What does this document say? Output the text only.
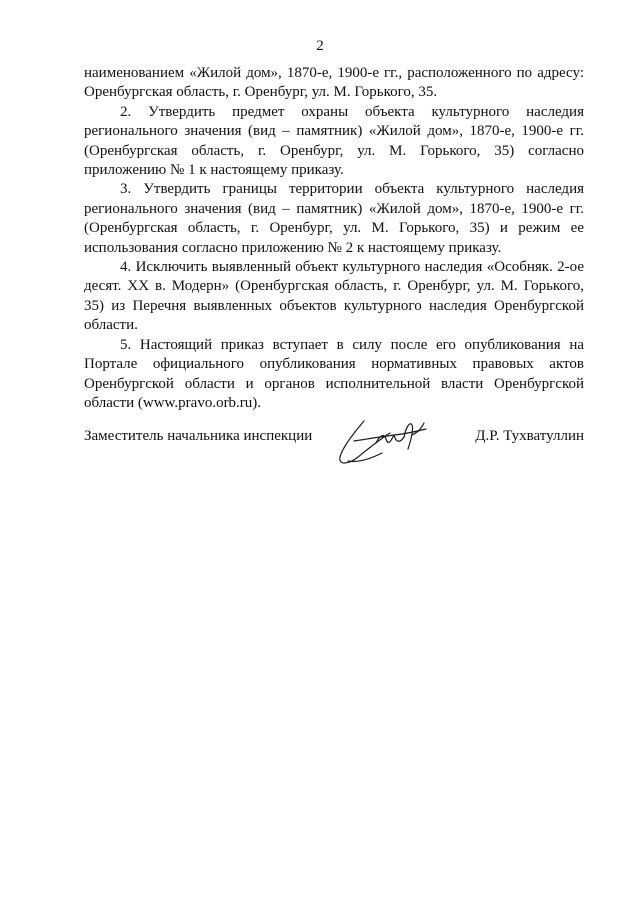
2

наименованием «Жилой дом», 1870-е, 1900-е гг., расположенного по адресу: Оренбургская область, г. Оренбург, ул. М. Горького, 35.

2. Утвердить предмет охраны объекта культурного наследия регионального значения (вид – памятник) «Жилой дом», 1870-е, 1900-е гг. (Оренбургская область, г. Оренбург, ул. М. Горького, 35) согласно приложению № 1 к настоящему приказу.

3. Утвердить границы территории объекта культурного наследия регионального значения (вид – памятник) «Жилой дом», 1870-е, 1900-е гг. (Оренбургская область, г. Оренбург, ул. М. Горького, 35) и режим ее использования согласно приложению № 2 к настоящему приказу.

4. Исключить выявленный объект культурного наследия «Особняк. 2-ое десят. XX в. Модерн» (Оренбургская область, г. Оренбург, ул. М. Горького, 35) из Перечня выявленных объектов культурного наследия Оренбургской области.

5. Настоящий приказ вступает в силу после его опубликования на Портале официального опубликования нормативных правовых актов Оренбургской области и органов исполнительной власти Оренбургской области (www.pravo.orb.ru).

Заместитель начальника инспекции	Д.Р. Тухватуллин
